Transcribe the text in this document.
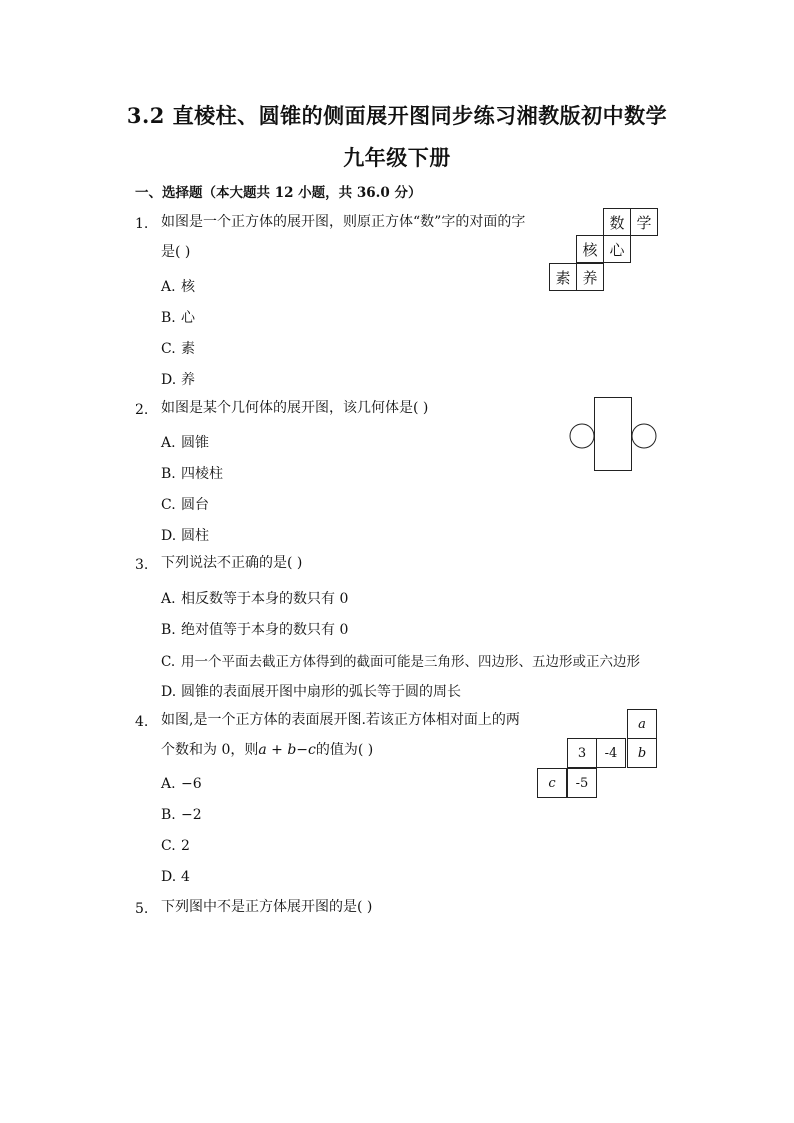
3.2 直棱柱、圆锥的侧面展开图同步练习湘教版初中数学
九年级下册
一、选择题（本大题共 12 小题，共 36.0 分）
1. 如图是一个正方体的展开图，则原正方体“数”字的对面的字
是( )
A. 核
B. 心
C. 素
D. 养
数 学
核 心
素 养
2. 如图是某个几何体的展开图，该几何体是( )
A. 圆锥
B. 四棱柱
C. 圆台
D. 圆柱
3. 下列说法不正确的是( )
A. 相反数等于本身的数只有 0
B. 绝对值等于本身的数只有 0
C. 用一个平面去截正方体得到的截面可能是三角形、四边形、五边形或正六边形
D. 圆锥的表面展开图中扇形的弧长等于圆的周长
4. 如图,是一个正方体的表面展开图.若该正方体相对面上的两
个数和为 0，则a + b−c的值为( )
A. −6
B. −2
C. 2
D. 4
a
3	-4	b
c	-5
5. 下列图中不是正方体展开图的是( )
